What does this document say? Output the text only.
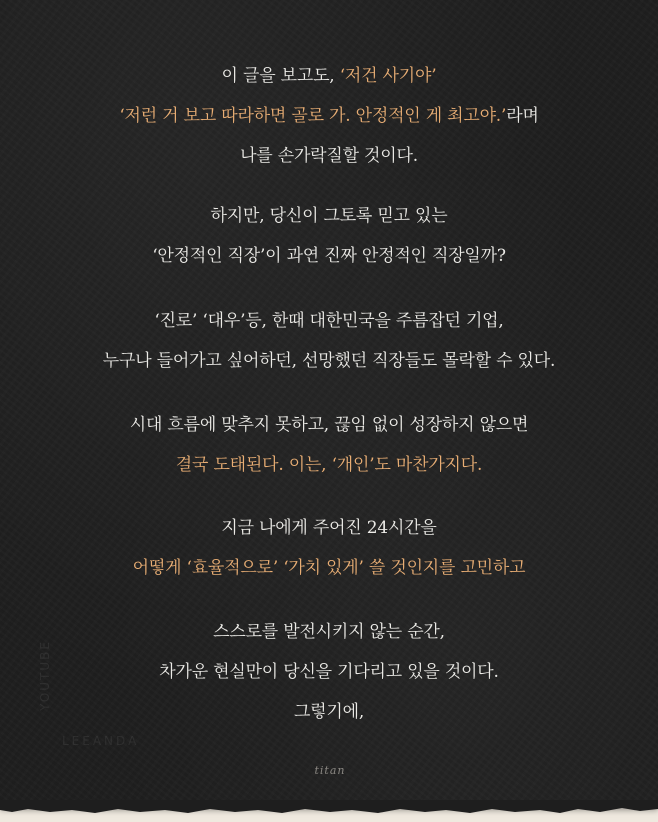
이 글을 보고도, ‘저건 사기야’
‘저런 거 보고 따라하면 골로 가. 안정적인 게 최고야.’라며
나를 손가락질할 것이다.
하지만, 당신이 그토록 믿고 있는
‘안정적인 직장’이 과연 진짜 안정적인 직장일까?
‘진로’ ‘대우’등, 한때 대한민국을 주름잡던 기업,
누구나 들어가고 싶어하던, 선망했던 직장들도 몰락할 수 있다.
시대 흐름에 맞추지 못하고, 끊임 없이 성장하지 않으면
결국 도태된다. 이는, ‘개인’도 마찬가지다.
지금 나에게 주어진 24시간을
어떻게 ‘효율적으로’ ‘가치 있게’ 쓸 것인지를 고민하고
스스로를 발전시키지 않는 순간,
차가운 현실만이 당신을 기다리고 있을 것이다.
그렇기에,
YOUTUBE
LEEANDA
titan
